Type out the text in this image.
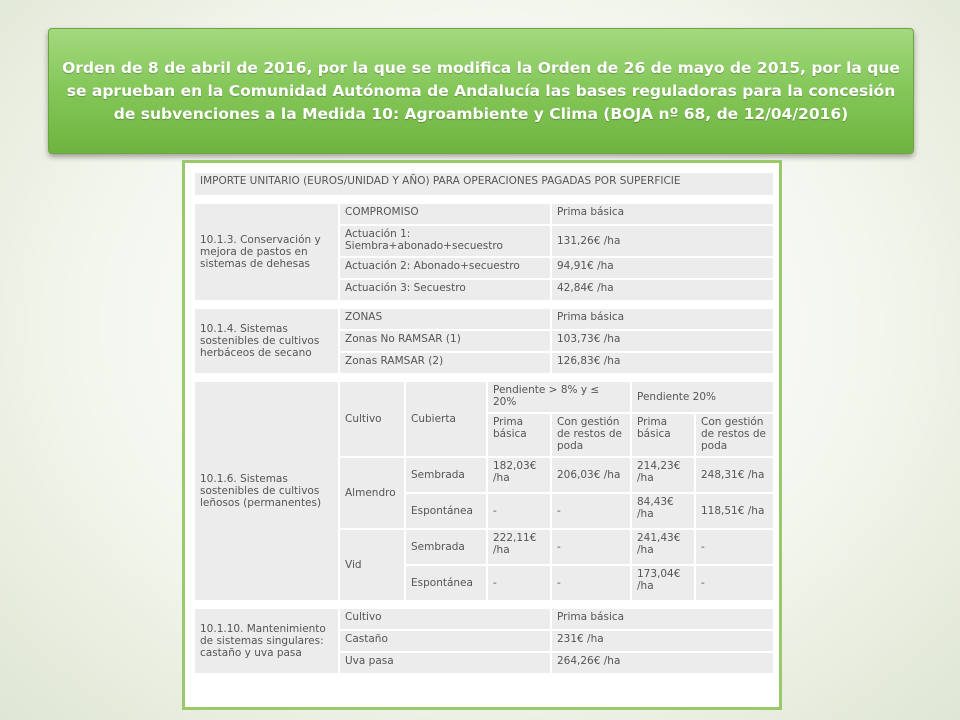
Orden de 8 de abril de 2016, por la que se modifica la Orden de 26 de mayo de 2015, por la que
se aprueban en la Comunidad Autónoma de Andalucía las bases reguladoras para la concesión
de subvenciones a la Medida 10: Agroambiente y Clima (BOJA nº 68, de 12/04/2016)

IMPORTE UNITARIO (EUROS/UNIDAD Y AÑO) PARA OPERACIONES PAGADAS POR SUPERFICIE						

10.1.3. Conservación y mejora de pastos en sistemas de dehesas	COMPROMISO			Prima básica		
	Actuación 1: Siembra+abonado+secuestro			131,26€ /ha		
	Actuación 2: Abonado+secuestro			94,91€ /ha		
	Actuación 3: Secuestro			42,84€ /ha		

10.1.4. Sistemas sostenibles de cultivos herbáceos de secano	ZONAS			Prima básica		
	Zonas No RAMSAR (1)			103,73€ /ha		
	Zonas RAMSAR (2)			126,83€ /ha		

10.1.6. Sistemas sostenibles de cultivos leñosos (permanentes)	Cultivo	Cubierta	Pendiente > 8% y ≤ 20%		Pendiente 20%	
			Prima básica	Con gestión de restos de poda	Prima básica	Con gestión de restos de poda
	Almendro	Sembrada	182,03€ /ha	206,03€ /ha	214,23€ /ha	248,31€ /ha
		Espontánea	-	-	84,43€ /ha	118,51€ /ha
	Vid	Sembrada	222,11€ /ha	-	241,43€ /ha	-
		Espontánea	-	-	173,04€ /ha	-

10.1.10. Mantenimiento de sistemas singulares: castaño y uva pasa	Cultivo			Prima básica		
	Castaño			231€ /ha		
	Uva pasa			264,26€ /ha		
